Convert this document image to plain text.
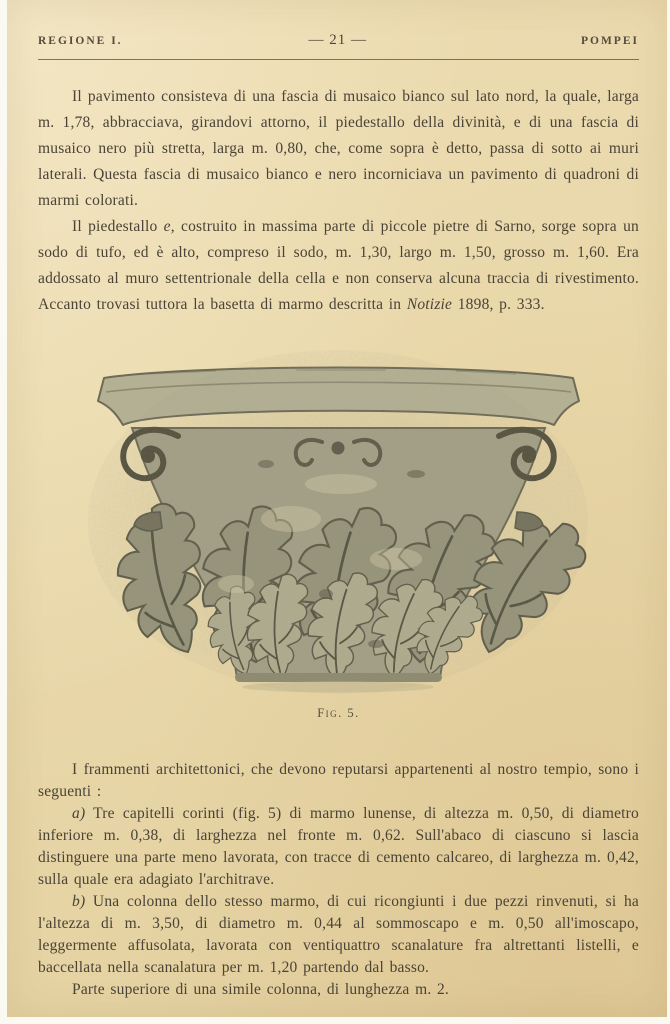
REGIONE I.	— 21 —	POMPEI

Il pavimento consisteva di una fascia di musaico bianco sul lato nord, la quale, larga m. 1,78, abbracciava, girandovi attorno, il piedestallo della divinità, e di una fascia di musaico nero più stretta, larga m. 0,80, che, come sopra è detto, passa di sotto ai muri laterali. Questa fascia di musaico bianco e nero incorniciava un pavimento di quadroni di marmi colorati.

Il piedestallo e, costruito in massima parte di piccole pietre di Sarno, sorge sopra un sodo di tufo, ed è alto, compreso il sodo, m. 1,30, largo m. 1,50, grosso m. 1,60. Era addossato al muro settentrionale della cella e non conserva alcuna traccia di rivestimento. Accanto trovasi tuttora la basetta di marmo descritta in Notizie 1898, p. 333.

Fig. 5.

I frammenti architettonici, che devono reputarsi appartenenti al nostro tempio, sono i seguenti :

a) Tre capitelli corinti (fig. 5) di marmo lunense, di altezza m. 0,50, di diametro inferiore m. 0,38, di larghezza nel fronte m. 0,62. Sull'abaco di ciascuno si lascia distinguere una parte meno lavorata, con tracce di cemento calcareo, di larghezza m. 0,42, sulla quale era adagiato l'architrave.

b) Una colonna dello stesso marmo, di cui ricongiunti i due pezzi rinvenuti, si ha l'altezza di m. 3,50, di diametro m. 0,44 al sommoscapo e m. 0,50 all'imoscapo, leggermente affusolata, lavorata con ventiquattro scanalature fra altrettanti listelli, e baccellata nella scanalatura per m. 1,20 partendo dal basso.

Parte superiore di una simile colonna, di lunghezza m. 2.
